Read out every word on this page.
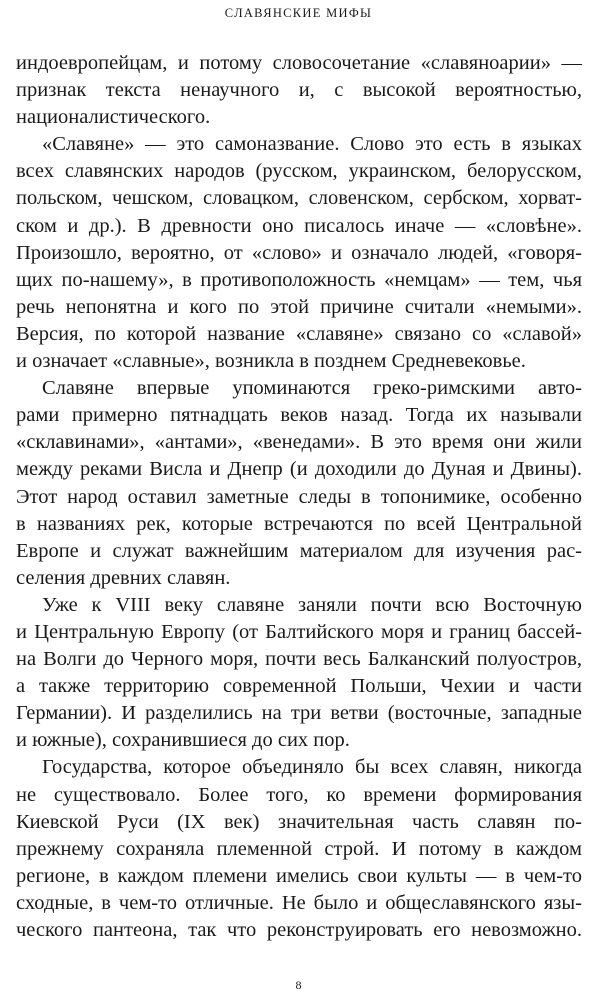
СЛАВЯНСКИЕ МИФЫ
индоевропейцам, и потому словосочетание «славяноарии» —
признак текста ненаучного и, с высокой вероятностью,
националистического.
«Славяне» — это самоназвание. Слово это есть в языках
всех славянских народов (русском, украинском, белорусском,
польском, чешском, словацком, словенском, сербском, хорват-
ском и др.). В древности оно писалось иначе — «словѣне».
Произошло, вероятно, от «слово» и означало людей, «говоря-
щих по-нашему», в противоположность «немцам» — тем, чья
речь непонятна и кого по этой причине считали «немыми».
Версия, по которой название «славяне» связано со «славой»
и означает «славные», возникла в позднем Средневековье.
Славяне впервые упоминаются греко-римскими авто-
рами примерно пятнадцать веков назад. Тогда их называли
«склавинами», «антами», «венедами». В это время они жили
между реками Висла и Днепр (и доходили до Дуная и Двины).
Этот народ оставил заметные следы в топонимике, особенно
в названиях рек, которые встречаются по всей Центральной
Европе и служат важнейшим материалом для изучения рас-
селения древних славян.
Уже к VIII веку славяне заняли почти всю Восточную
и Центральную Европу (от Балтийского моря и границ бассей-
на Волги до Черного моря, почти весь Балканский полуостров,
а также территорию современной Польши, Чехии и части
Германии). И разделились на три ветви (восточные, западные
и южные), сохранившиеся до сих пор.
Государства, которое объединяло бы всех славян, никогда
не существовало. Более того, ко времени формирования
Киевской Руси (IX век) значительная часть славян по-
прежнему сохраняла племенной строй. И потому в каждом
регионе, в каждом племени имелись свои культы — в чем-то
сходные, в чем-то отличные. Не было и общеславянского язы-
ческого пантеона, так что реконструировать его невозможно.
8
